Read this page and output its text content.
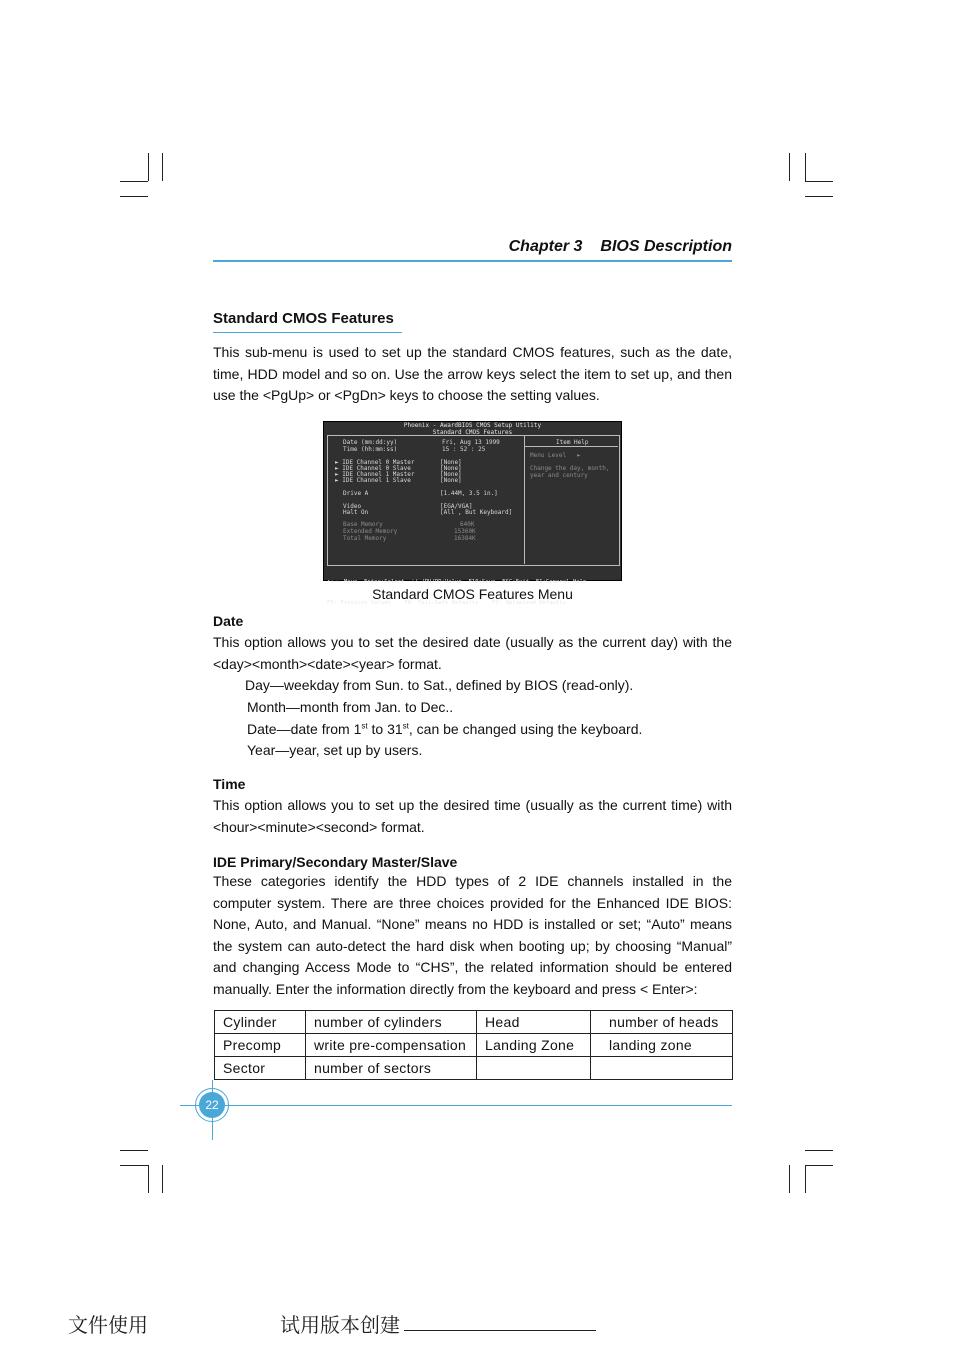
Chapter 3 BIOS Description
Standard CMOS Features
This sub-menu is used to set up the standard CMOS features, such as the date, time, HDD model and so on. Use the arrow keys select the item to set up, and then use the <PgUp> or <PgDn> keys to choose the setting values.
Phoenix - AwardBIOS CMOS Setup Utility
Standard CMOS Features
Date (mm:dd:yy)	Fri, Aug 13 1999
Time (hh:mm:ss)	15 : 52 : 25
► IDE Channel 0 Master	[None]
► IDE Channel 0 Slave	[None]
► IDE Channel 1 Master	[None]
► IDE Channel 1 Slave	[None]
Drive A	[1.44M, 3.5 in.]
Video	[EGA/VGA]
Halt On	[All , But Keyboard]
Base Memory	640K
Extended Memory	15360K
Total Memory	16384K
Item Help
Menu Level   ►
Change the day, month,
year and century

↑↓→← Move  Enter:Select  +/-/PU/PD:Value  F10:Save  ESC:Exit  F1:General Help

F5: Previous Values    F6: Fail-Safe Defaults    F7: Optimized Defaults

Standard CMOS Features Menu
Date
This option allows you to set the desired date (usually as the current day) with the <day><month><date><year> format.
Day—weekday from Sun. to Sat., defined by BIOS (read-only).
Month—month from Jan. to Dec..
Date—date from 1st to 31st, can be changed using the keyboard.
Year—year, set up by users.
Time
This option allows you to set up the desired time (usually as the current time) with <hour><minute><second> format.
IDE Primary/Secondary Master/Slave
These categories identify the HDD types of 2 IDE channels installed in the computer system. There are three choices provided for the Enhanced IDE BIOS: None, Auto, and Manual. “None” means no HDD is installed or set; “Auto” means the system can auto-detect the hard disk when booting up; by choosing “Manual” and changing Access Mode to “CHS”, the related information should be entered manually. Enter the information directly from the keyboard and press < Enter>:
Cylinder	number of cylinders	Head	number of heads
Precomp	write pre-compensation	Landing Zone	landing zone
Sector	number of sectors		
22
文件使用	试用版本创建
